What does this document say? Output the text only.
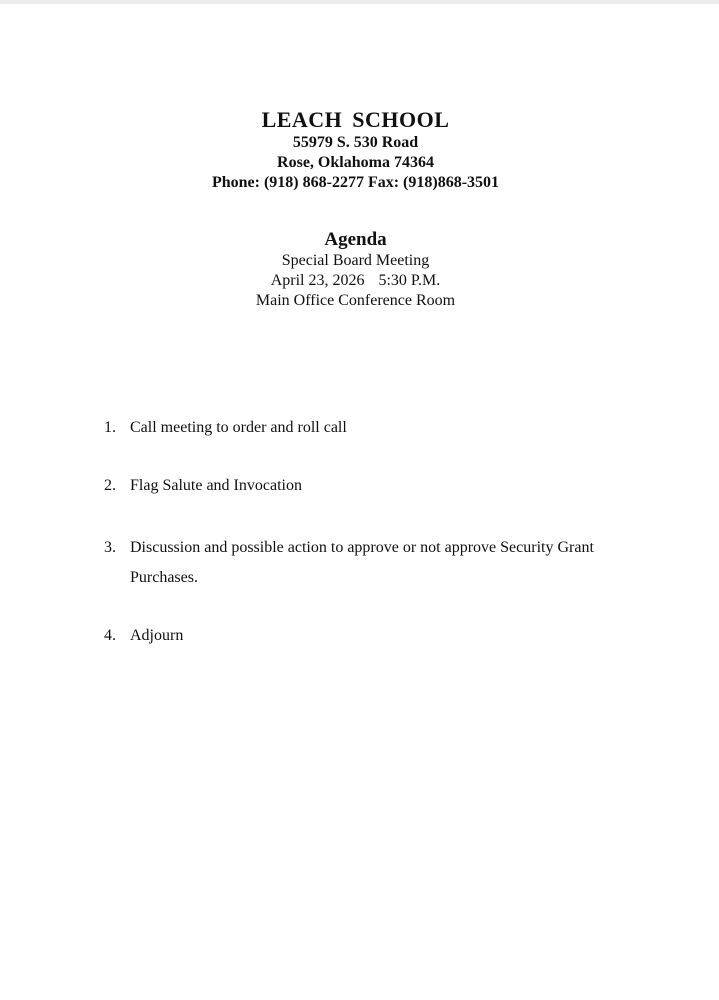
LEACH SCHOOL
55979 S. 530 Road
Rose, Oklahoma 74364
Phone: (918) 868-2277 Fax: (918)868-3501
Agenda
Special Board Meeting
April 23, 2026 5:30 P.M.
Main Office Conference Room
1. Call meeting to order and roll call
2. Flag Salute and Invocation
3. Discussion and possible action to approve or not approve Security Grant Purchases.
4. Adjourn
